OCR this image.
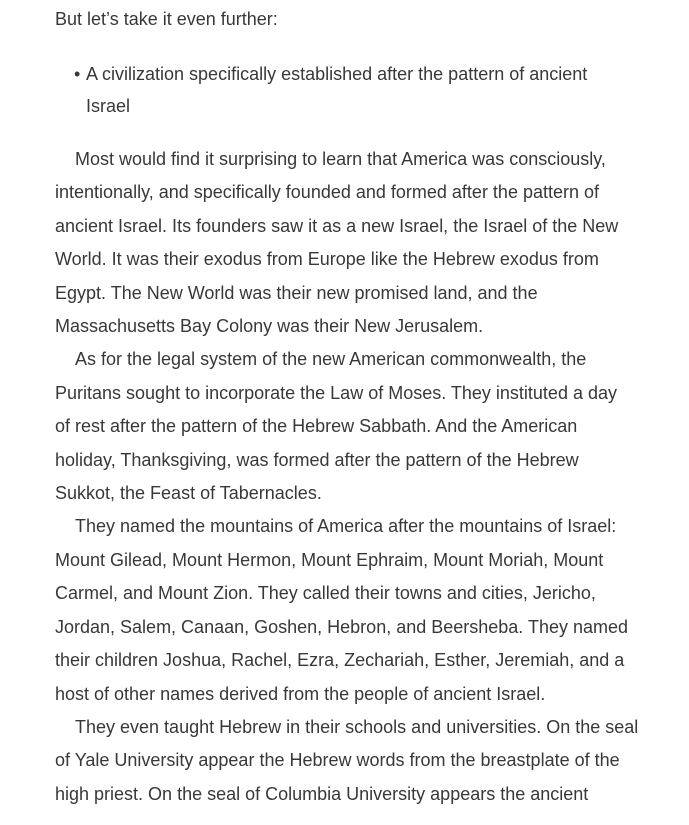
But let’s take it even further:

• A civilization specifically established after the pattern of ancient
Israel

Most would find it surprising to learn that America was consciously,
intentionally, and specifically founded and formed after the pattern of
ancient Israel. Its founders saw it as a new Israel, the Israel of the New
World. It was their exodus from Europe like the Hebrew exodus from
Egypt. The New World was their new promised land, and the
Massachusetts Bay Colony was their New Jerusalem.

As for the legal system of the new American commonwealth, the
Puritans sought to incorporate the Law of Moses. They instituted a day
of rest after the pattern of the Hebrew Sabbath. And the American
holiday, Thanksgiving, was formed after the pattern of the Hebrew
Sukkot, the Feast of Tabernacles.

They named the mountains of America after the mountains of Israel:
Mount Gilead, Mount Hermon, Mount Ephraim, Mount Moriah, Mount
Carmel, and Mount Zion. They called their towns and cities, Jericho,
Jordan, Salem, Canaan, Goshen, Hebron, and Beersheba. They named
their children Joshua, Rachel, Ezra, Zechariah, Esther, Jeremiah, and a
host of other names derived from the people of ancient Israel.

They even taught Hebrew in their schools and universities. On the seal
of Yale University appear the Hebrew words from the breastplate of the
high priest. On the seal of Columbia University appears the ancient
